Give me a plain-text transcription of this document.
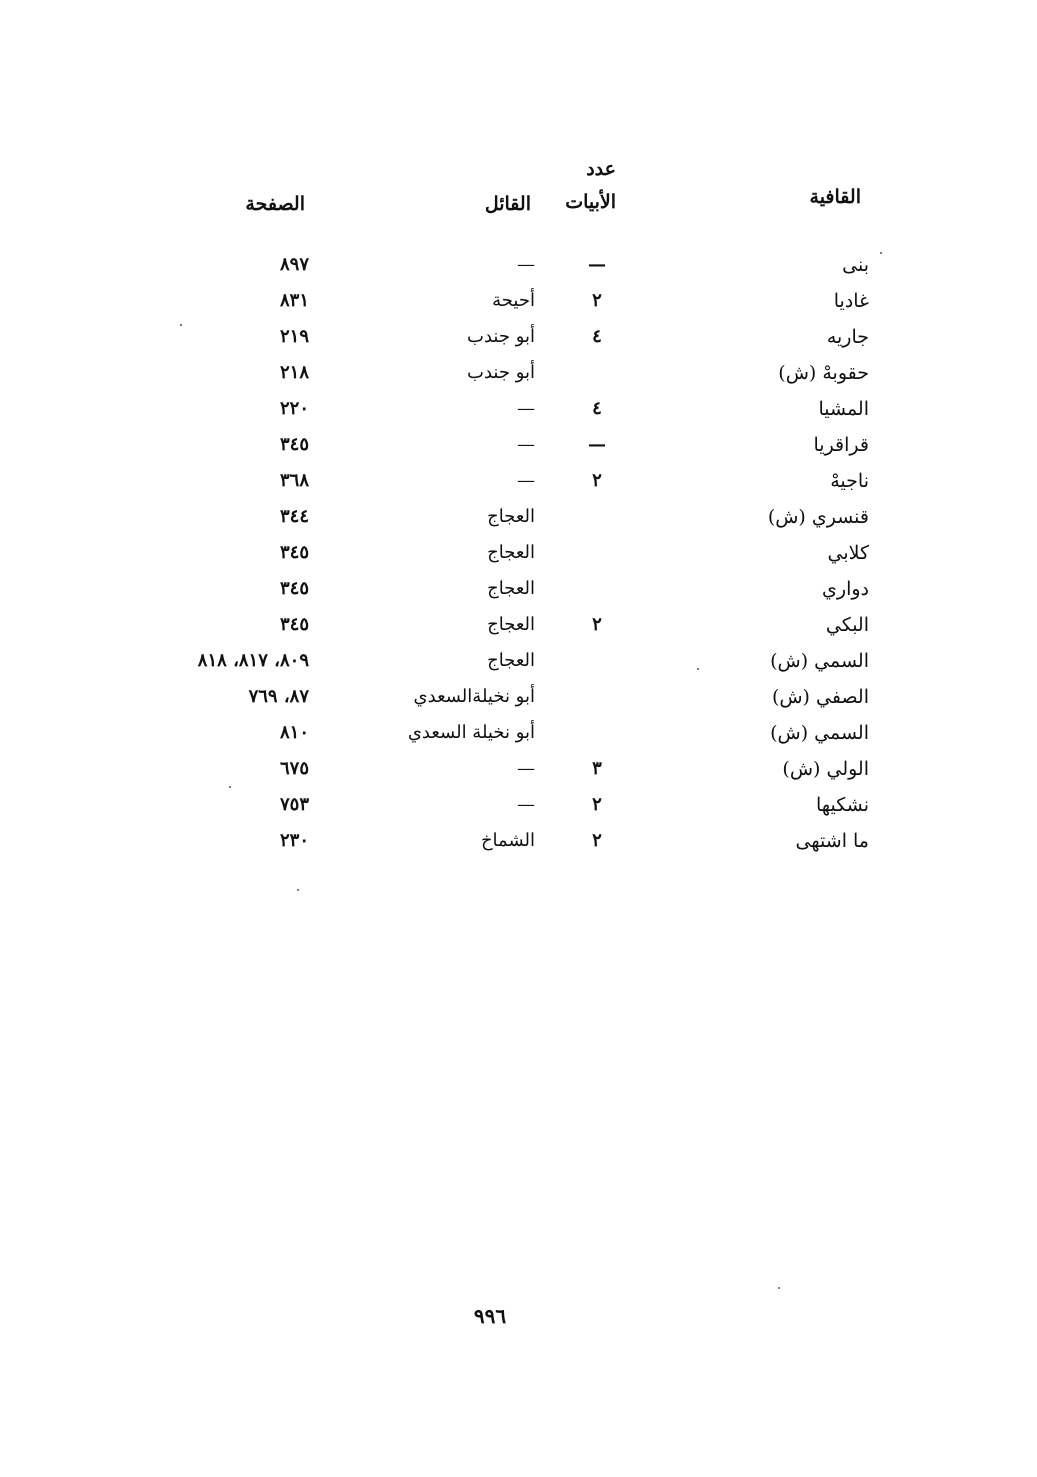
القافية
عدد
الأبيات
القائل
الصفحة
بنى
—
—
٨٩٧
غاديا
٢
أحيحة
٨٣١
جاريه
٤
أبو جندب
٢١٩
حقوبهْ (ش)
أبو جندب
٢١٨
المشيا
٤
—
٢٢٠
قراقريا
—
—
٣٤٥
ناجيهْ
٢
—
٣٦٨
قنسري (ش)
العجاج
٣٤٤
كلابي
العجاج
٣٤٥
دواري
العجاج
٣٤٥
البكي
٢
العجاج
٣٤٥
السمي (ش)
العجاج
٨٠٩، ٨١٧، ٨١٨
الصفي (ش)
أبو نخيلةالسعدي
٨٧، ٧٦٩
السمي (ش)
أبو نخيلة السعدي
٨١٠
الولي (ش)
٣
—
٦٧٥
نشكيها
٢
—
٧٥٣
ما اشتهى
٢
الشماخ
٢٣٠
٩٩٦
